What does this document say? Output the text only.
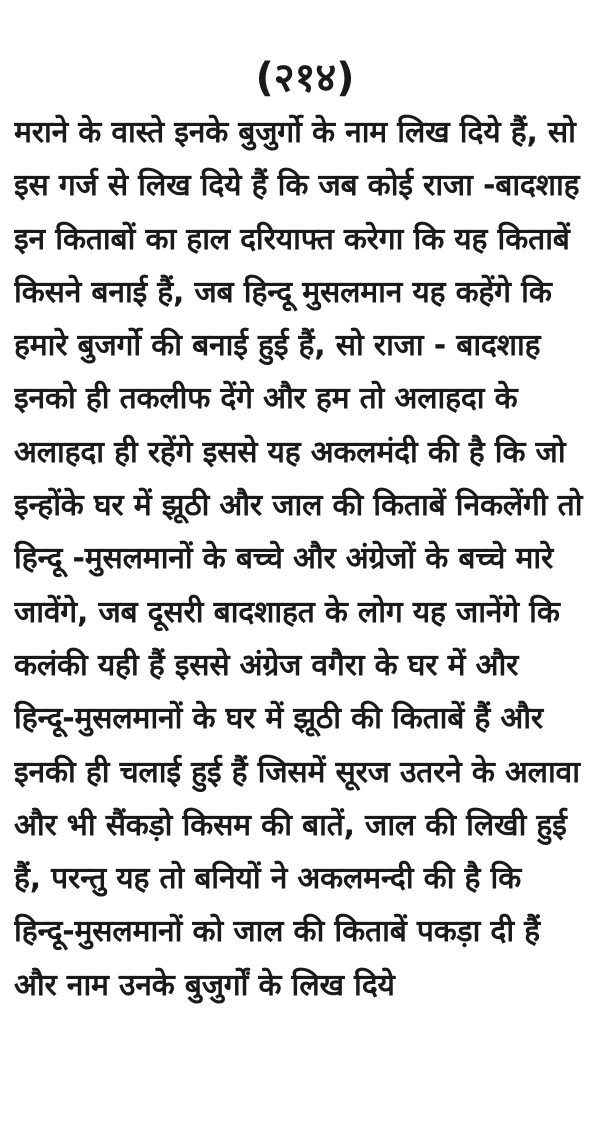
(२१४)
मराने के वास्ते इनके बुजुर्गो के नाम लिख दिये हैं, सो
इस गर्ज से लिख दिये हैं कि जब कोई राजा -बादशाह
इन किताबों का हाल दरियाफ्त करेगा कि यह किताबें
किसने बनाई हैं, जब हिन्दू मुसलमान यह कहेंगे कि
हमारे बुजर्गो की बनाई हुई हैं, सो राजा - बादशाह
इनको ही तकलीफ देंगे और हम तो अलाहदा के
अलाहदा ही रहेंगे इससे यह अकलमंदी की है कि जो
इन्होंके घर में झूठी और जाल की किताबें निकलेंगी तो
हिन्दू -मुसलमानों के बच्चे और अंग्रेजों के बच्चे मारे
जावेंगे, जब दूसरी बादशाहत के लोग यह जानेंगे कि
कलंकी यही हैं इससे अंग्रेज वगैरा के घर में और
हिन्दू-मुसलमानों के घर में झूठी की किताबें हैं और
इनकी ही चलाई हुई हैं जिसमें सूरज उतरने के अलावा
और भी सैंकड़ो किसम की बातें, जाल की लिखी हुई
हैं, परन्तु यह तो बनियों ने अकलमन्दी की है कि
हिन्दू-मुसलमानों को जाल की किताबें पकड़ा दी हैं
और नाम उनके बुजुर्गों के लिख दिये
